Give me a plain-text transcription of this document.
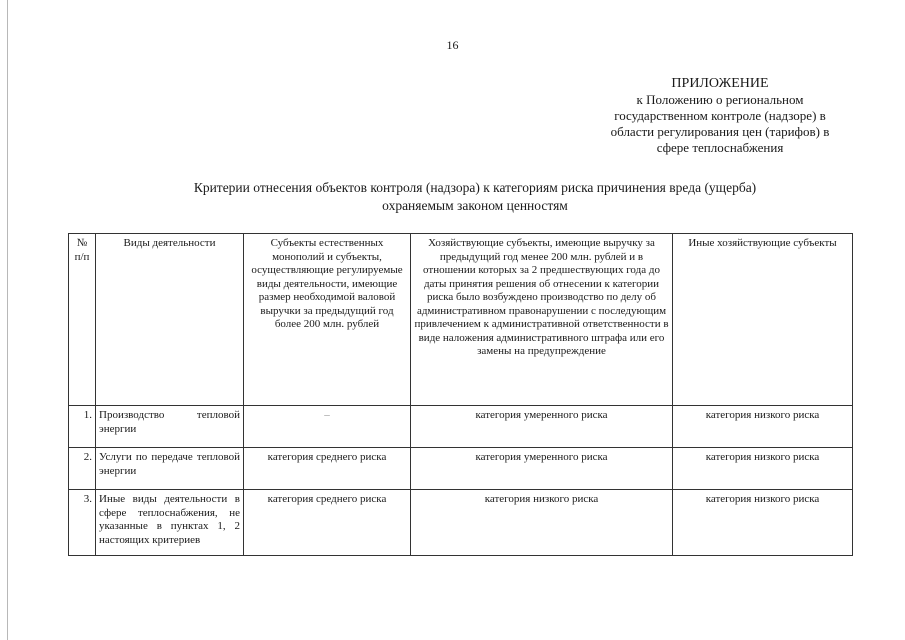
16
ПРИЛОЖЕНИЕ
к Положению о региональном
государственном контроле (надзоре) в
области регулирования цен (тарифов) в
сфере теплоснабжения
Критерии отнесения объектов контроля (надзора) к категориям риска причинения вреда (ущерба)
охраняемым законом ценностям
№ п/п	Виды деятельности	Субъекты естественных монополий и субъекты, осуществляющие регулируемые виды деятельности, имеющие размер необходимой валовой выручки за предыдущий год более 200 млн. рублей	Хозяйствующие субъекты, имеющие выручку за предыдущий год менее 200 млн. рублей и в отношении которых за 2 предшествующих года до даты принятия решения об отнесении к категории риска было возбуждено производство по делу об административном правонарушении с последующим привлечением к административной ответственности в виде наложения административного штрафа или его замены на предупреждение	Иные хозяйствующие субъекты
1.	Производство тепловой энергии	–	категория умеренного риска	категория низкого риска
2.	Услуги по передаче тепловой энергии	категория среднего риска	категория умеренного риска	категория низкого риска
3.	Иные виды деятельности в сфере теплоснабжения, не указанные в пунктах 1, 2 настоящих критериев	категория среднего риска	категория низкого риска	категория низкого риска
